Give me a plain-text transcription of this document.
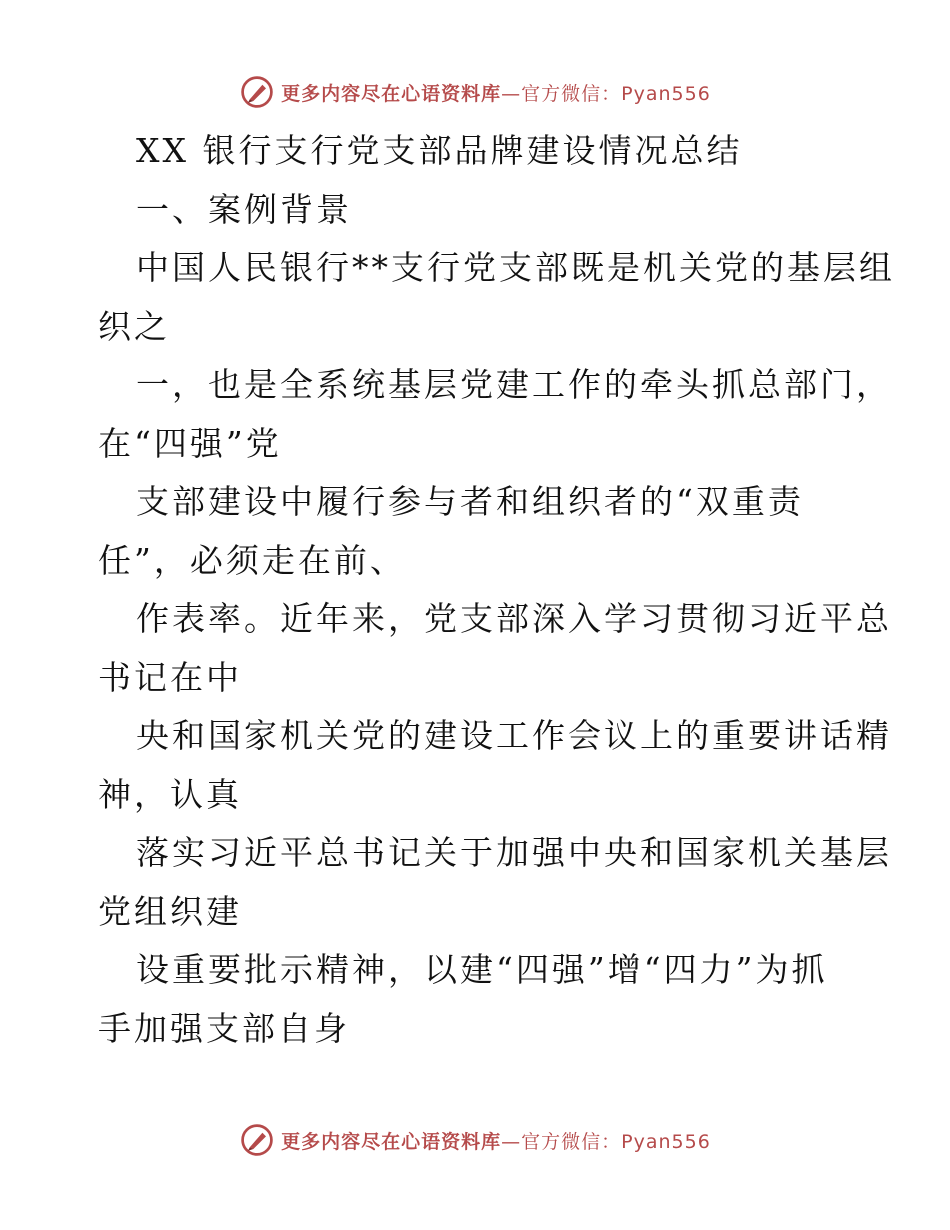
更多内容尽在心语资料库—官方微信：Pyan556
XX 银行支行党支部品牌建设情况总结
一、案例背景
中国人民银行**支行党支部既是机关党的基层组
织之
一，也是全系统基层党建工作的牵头抓总部门，
在“四强”党
支部建设中履行参与者和组织者的“双重责
任”，必须走在前、
作表率。近年来，党支部深入学习贯彻习近平总
书记在中
央和国家机关党的建设工作会议上的重要讲话精
神，认真
落实习近平总书记关于加强中央和国家机关基层
党组织建
设重要批示精神，以建“四强”增“四力”为抓
手加强支部自身
更多内容尽在心语资料库—官方微信：Pyan556
